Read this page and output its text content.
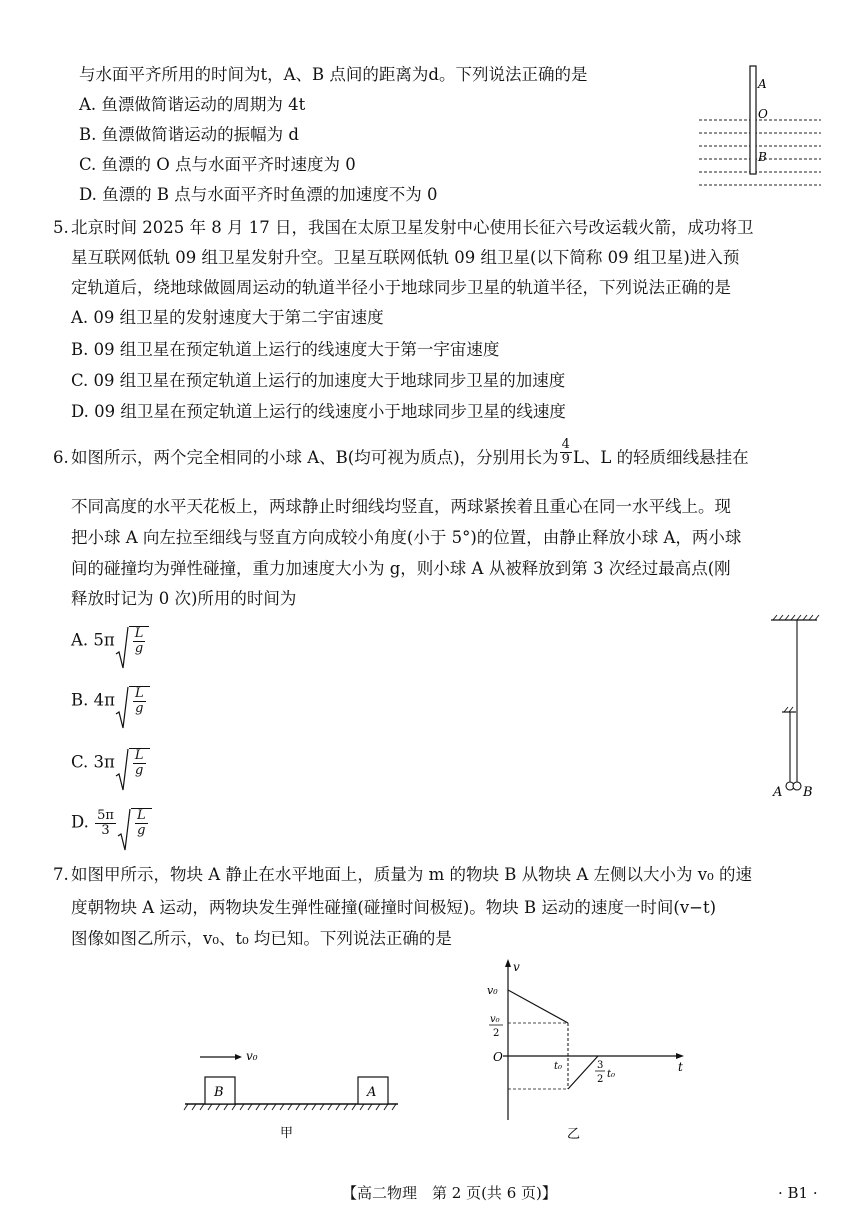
与水面平齐所用的时间为t，A、B 点间的距离为d。下列说法正确的是
A. 鱼漂做简谐运动的周期为 4t
B. 鱼漂做简谐运动的振幅为 d
C. 鱼漂的 O 点与水面平齐时速度为 0
D. 鱼漂的 B 点与水面平齐时鱼漂的加速度不为 0
A
O
B
5. 北京时间 2025 年 8 月 17 日，我国在太原卫星发射中心使用长征六号改运载火箭，成功将卫
星互联网低轨 09 组卫星发射升空。卫星互联网低轨 09 组卫星(以下简称 09 组卫星)进入预
定轨道后，绕地球做圆周运动的轨道半径小于地球同步卫星的轨道半径，下列说法正确的是
A. 09 组卫星的发射速度大于第二宇宙速度
B. 09 组卫星在预定轨道上运行的线速度大于第一宇宙速度
C. 09 组卫星在预定轨道上运行的加速度大于地球同步卫星的加速度
D. 09 组卫星在预定轨道上运行的线速度小于地球同步卫星的线速度
6. 如图所示，两个完全相同的小球 A、B(均可视为质点)，分别用长为 $\frac{4}{9}$ L、L 的轻质细线悬挂在
不同高度的水平天花板上，两球静止时细线均竖直，两球紧挨着且重心在同一水平线上。现
把小球 A 向左拉至细线与竖直方向成较小角度(小于 5°)的位置，由静止释放小球 A，两小球
间的碰撞均为弹性碰撞，重力加速度大小为 g，则小球 A 从被释放到第 3 次经过最高点(刚
释放时记为 0 次)所用的时间为
A. $5\pi \frac{L}{g}$
B. $4\pi \frac{L}{g}$
C. $3\pi \frac{L}{g}$
D. $\frac{5\pi}{3} \frac{L}{g}$
A B
7. 如图甲所示，物块 A 静止在水平地面上，质量为 m 的物块 B 从物块 A 左侧以大小为 v₀ 的速
度朝物块 A 运动，两物块发生弹性碰撞(碰撞时间极短)。物块 B 运动的速度一时间(v−t)
图像如图乙所示，v₀、t₀ 均已知。下列说法正确的是
v₀
B	A
甲
v
t
O
v₀
v₀
2
t₀	3
2 t₀
乙
【高二物理　第 2 页(共 6 页)】	· B1 ·
